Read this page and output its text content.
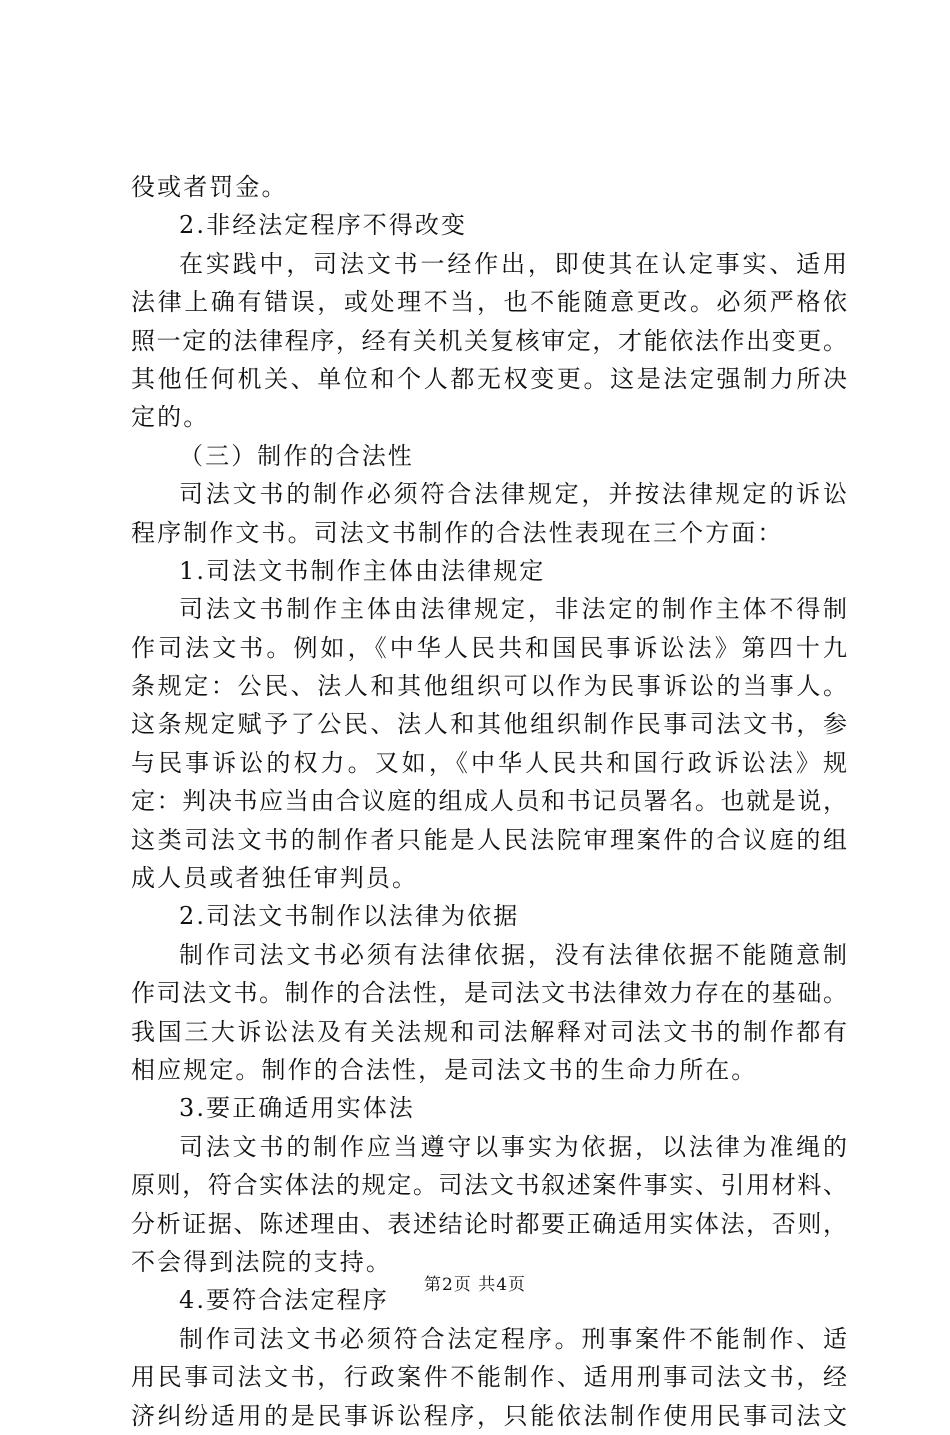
役或者罚金。
2.非经法定程序不得改变
在实践中，司法文书一经作出，即使其在认定事实、适用
法律上确有错误，或处理不当，也不能随意更改。必须严格依
照一定的法律程序，经有关机关复核审定，才能依法作出变更。
其他任何机关、单位和个人都无权变更。这是法定强制力所决
定的。
（三）制作的合法性
司法文书的制作必须符合法律规定，并按法律规定的诉讼
程序制作文书。司法文书制作的合法性表现在三个方面：
1.司法文书制作主体由法律规定
司法文书制作主体由法律规定，非法定的制作主体不得制
作司法文书。例如，《中华人民共和国民事诉讼法》第四十九
条规定：公民、法人和其他组织可以作为民事诉讼的当事人。
这条规定赋予了公民、法人和其他组织制作民事司法文书，参
与民事诉讼的权力。又如，《中华人民共和国行政诉讼法》规
定：判决书应当由合议庭的组成人员和书记员署名。也就是说，
这类司法文书的制作者只能是人民法院审理案件的合议庭的组
成人员或者独任审判员。
2.司法文书制作以法律为依据
制作司法文书必须有法律依据，没有法律依据不能随意制
作司法文书。制作的合法性，是司法文书法律效力存在的基础。
我国三大诉讼法及有关法规和司法解释对司法文书的制作都有
相应规定。制作的合法性，是司法文书的生命力所在。
3.要正确适用实体法
司法文书的制作应当遵守以事实为依据，以法律为准绳的
原则，符合实体法的规定。司法文书叙述案件事实、引用材料、
分析证据、陈述理由、表述结论时都要正确适用实体法，否则，
不会得到法院的支持。
4.要符合法定程序
制作司法文书必须符合法定程序。刑事案件不能制作、适
用民事司法文书，行政案件不能制作、适用刑事司法文书，经
济纠纷适用的是民事诉讼程序，只能依法制作使用民事司法文
第2页 共4页
